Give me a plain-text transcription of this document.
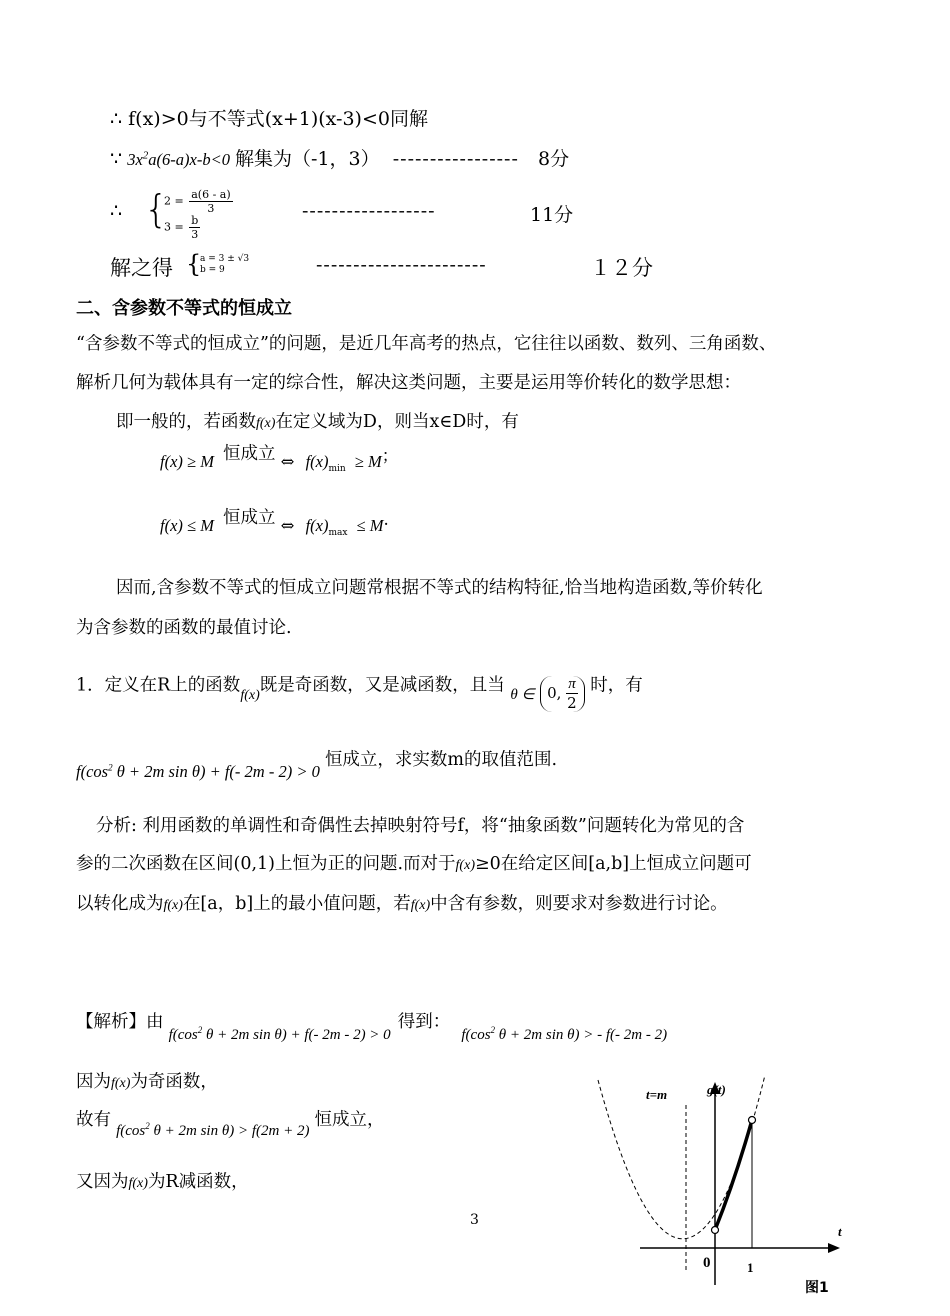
∴ f(x)>0与不等式(x+1)(x-3)<0同解
∵ $3x^2a(6-a)x-b<0$ 解集为（-1，3） ----------------- 8分
∴ {
$2 = \frac{a(6 - a)}{3}$
$3 = \frac{b}{3}$
------------------	11分
解之得 {
a = 3 ± √3
b = 9	-----------------------	１２分
二、含参数不等式的恒成立
“含参数不等式的恒成立”的问题，是近几年高考的热点，它往往以函数、数列、三角函数、
解析几何为载体具有一定的综合性，解决这类问题，主要是运用等价转化的数学思想：
即一般的，若函数f(x)在定义域为D，则当x∈D时，有
f(x) ≥ M 恒成立 ⇔ $f(x)_{min} \ge M$；
f(x) ≤ M 恒成立 ⇔ $f(x)_{max} \le M$.
因而,含参数不等式的恒成立问题常根据不等式的结构特征,恰当地构造函数,等价转化
为含参数的函数的最值讨论.
1．定义在R上的函数$_{f(x)}$既是奇函数，又是减函数，且当 θ ∈ 0, $\frac{\pi}{2}$ 时，有
$f(\cos^2$ θ + 2m sin θ) + f(- 2m - 2) > 0 恒成立，求实数m的取值范围.
分析: 利用函数的单调性和奇偶性去掉映射符号f，将“抽象函数”问题转化为常见的含
参的二次函数在区间(0,1)上恒为正的问题.而对于f(x)≥0在给定区间[a,b]上恒成立问题可
以转化成为f(x)在[a，b]上的最小值问题，若f(x)中含有参数，则要求对参数进行讨论。
【解析】由 $f(\cos^2$ θ + 2m sin θ) + f(- 2m - 2) > 0 得到： $f(\cos^2$ θ + 2m sin θ) > - f(- 2m - 2)
因为f(x)为奇函数，
故有 $f(\cos^2$ θ + 2m sin θ) > f(2m + 2) 恒成立，
又因为f(x)为R减函数，
3
t=m	g(t)
t
0	1
图1
